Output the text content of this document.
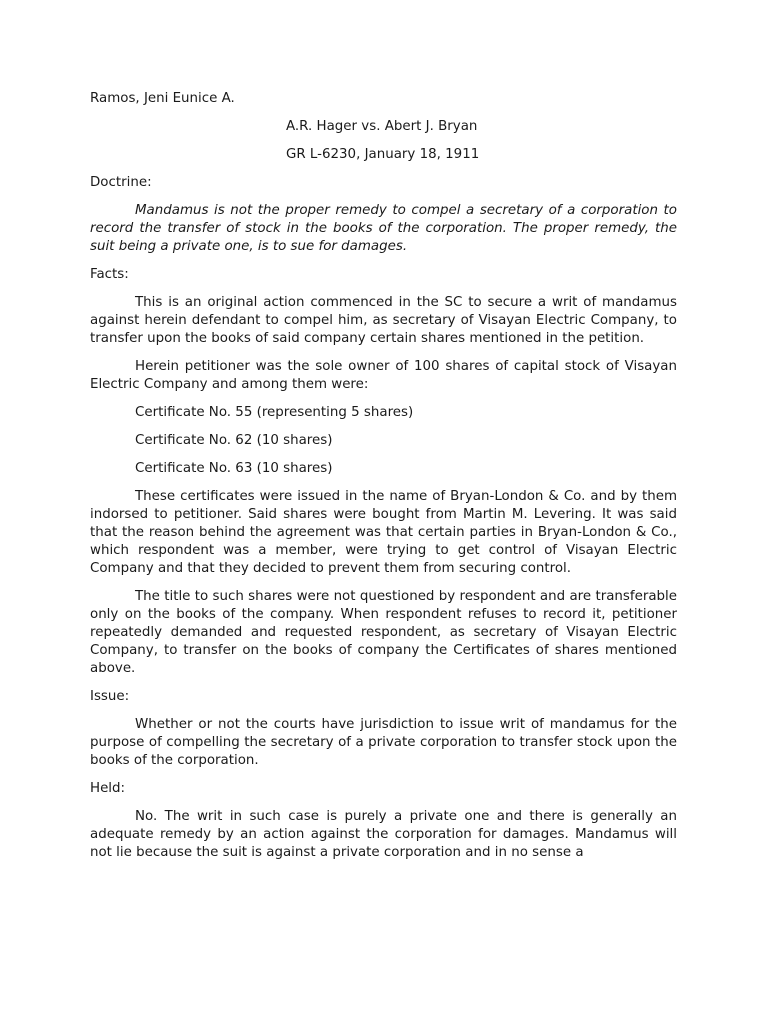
Ramos, Jeni Eunice A.

A.R. Hager vs. Abert J. Bryan

GR L-6230, January 18, 1911

Doctrine:

Mandamus is not the proper remedy to compel a secretary of a corporation to record the transfer of stock in the books of the corporation. The proper remedy, the suit being a private one, is to sue for damages.

Facts:

This is an original action commenced in the SC to secure a writ of mandamus against herein defendant to compel him, as secretary of Visayan Electric Company, to transfer upon the books of said company certain shares mentioned in the petition.

Herein petitioner was the sole owner of 100 shares of capital stock of Visayan Electric Company and among them were:

Certificate No. 55 (representing 5 shares)

Certificate No. 62 (10 shares)

Certificate No. 63 (10 shares)

These certificates were issued in the name of Bryan-London & Co. and by them indorsed to petitioner. Said shares were bought from Martin M. Levering. It was said that the reason behind the agreement was that certain parties in Bryan-London & Co., which respondent was a member, were trying to get control of Visayan Electric Company and that they decided to prevent them from securing control.

The title to such shares were not questioned by respondent and are transferable only on the books of the company. When respondent refuses to record it, petitioner repeatedly demanded and requested respondent, as secretary of Visayan Electric Company, to transfer on the books of company the Certificates of shares mentioned above.

Issue:

Whether or not the courts have jurisdiction to issue writ of mandamus for the purpose of compelling the secretary of a private corporation to transfer stock upon the books of the corporation.

Held:

No. The writ in such case is purely a private one and there is generally an adequate remedy by an action against the corporation for damages. Mandamus will not lie because the suit is against a private corporation and in no sense a
